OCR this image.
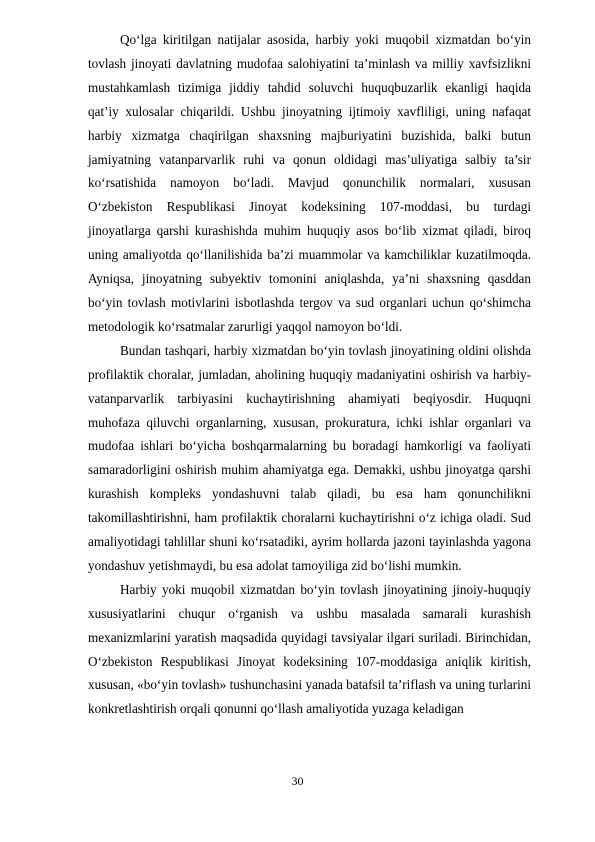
Qo‘lga kiritilgan natijalar asosida, harbiy yoki muqobil xizmatdan bo‘yin tovlash jinoyati davlatning mudofaa salohiyatini ta’minlash va milliy xavfsizlikni mustahkamlash tizimiga jiddiy tahdid soluvchi huquqbuzarlik ekanligi haqida qat’iy xulosalar chiqarildi. Ushbu jinoyatning ijtimoiy xavfliligi, uning nafaqat harbiy xizmatga chaqirilgan shaxsning majburiyatini buzishida, balki butun jamiyatning vatanparvarlik ruhi va qonun oldidagi mas’uliyatiga salbiy ta’sir ko‘rsatishida namoyon bo‘ladi. Mavjud qonunchilik normalari, xususan O‘zbekiston Respublikasi Jinoyat kodeksining 107-moddasi, bu turdagi jinoyatlarga qarshi kurashishda muhim huquqiy asos bo‘lib xizmat qiladi, biroq uning amaliyotda qo‘llanilishida ba’zi muammolar va kamchiliklar kuzatilmoqda. Ayniqsa, jinoyatning subyektiv tomonini aniqlashda, ya’ni shaxsning qasddan bo‘yin tovlash motivlarini isbotlashda tergov va sud organlari uchun qo‘shimcha metodologik ko‘rsatmalar zarurligi yaqqol namoyon bo‘ldi.

Bundan tashqari, harbiy xizmatdan bo‘yin tovlash jinoyatining oldini olishda profilaktik choralar, jumladan, aholining huquqiy madaniyatini oshirish va harbiy-vatanparvarlik tarbiyasini kuchaytirishning ahamiyati beqiyosdir. Huquqni muhofaza qiluvchi organlarning, xususan, prokuratura, ichki ishlar organlari va mudofaa ishlari bo‘yicha boshqarmalarning bu boradagi hamkorligi va faoliyati samaradorligini oshirish muhim ahamiyatga ega. Demakki, ushbu jinoyatga qarshi kurashish kompleks yondashuvni talab qiladi, bu esa ham qonunchilikni takomillashtirishni, ham profilaktik choralarni kuchaytirishni o‘z ichiga oladi. Sud amaliyotidagi tahlillar shuni ko‘rsatadiki, ayrim hollarda jazoni tayinlashda yagona yondashuv yetishmaydi, bu esa adolat tamoyiliga zid bo‘lishi mumkin.

Harbiy yoki muqobil xizmatdan bo‘yin tovlash jinoyatining jinoiy-huquqiy xususiyatlarini chuqur o‘rganish va ushbu masalada samarali kurashish mexanizmlarini yaratish maqsadida quyidagi tavsiyalar ilgari suriladi. Birinchidan, O‘zbekiston Respublikasi Jinoyat kodeksining 107-moddasiga aniqlik kiritish, xususan, «bo‘yin tovlash» tushunchasini yanada batafsil ta’riflash va uning turlarini konkretlashtirish orqali qonunni qo‘llash amaliyotida yuzaga keladigan

30
